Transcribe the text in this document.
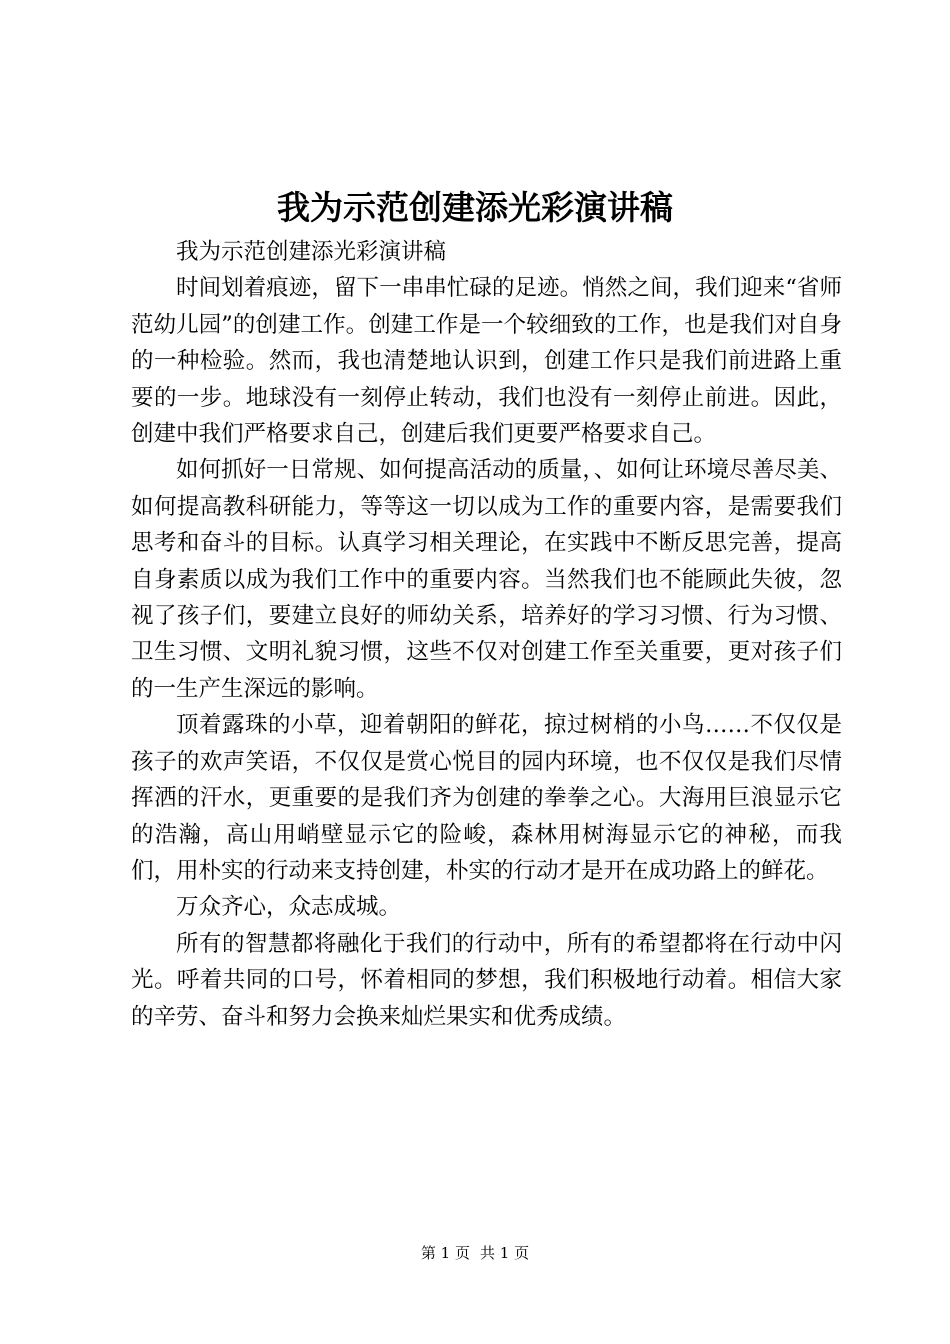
我为示范创建添光彩演讲稿

我为示范创建添光彩演讲稿

时间划着痕迹，留下一串串忙碌的足迹。悄然之间，我们迎来“省师范幼儿园”的创建工作。创建工作是一个较细致的工作，也是我们对自身的一种检验。然而，我也清楚地认识到，创建工作只是我们前进路上重要的一步。地球没有一刻停止转动，我们也没有一刻停止前进。因此，创建中我们严格要求自己，创建后我们更要严格要求自己。

如何抓好一日常规、如何提高活动的质量，、如何让环境尽善尽美、如何提高教科研能力，等等这一切以成为工作的重要内容，是需要我们思考和奋斗的目标。认真学习相关理论，在实践中不断反思完善，提高自身素质以成为我们工作中的重要内容。当然我们也不能顾此失彼，忽视了孩子们，要建立良好的师幼关系，培养好的学习习惯、行为习惯、卫生习惯、文明礼貌习惯，这些不仅对创建工作至关重要，更对孩子们的一生产生深远的影响。

顶着露珠的小草，迎着朝阳的鲜花，掠过树梢的小鸟……不仅仅是孩子的欢声笑语，不仅仅是赏心悦目的园内环境，也不仅仅是我们尽情挥洒的汗水，更重要的是我们齐为创建的拳拳之心。大海用巨浪显示它的浩瀚，高山用峭壁显示它的险峻，森林用树海显示它的神秘，而我们，用朴实的行动来支持创建，朴实的行动才是开在成功路上的鲜花。

万众齐心，众志成城。

所有的智慧都将融化于我们的行动中，所有的希望都将在行动中闪光。呼着共同的口号，怀着相同的梦想，我们积极地行动着。相信大家的辛劳、奋斗和努力会换来灿烂果实和优秀成绩。

第 1 页 共 1 页
